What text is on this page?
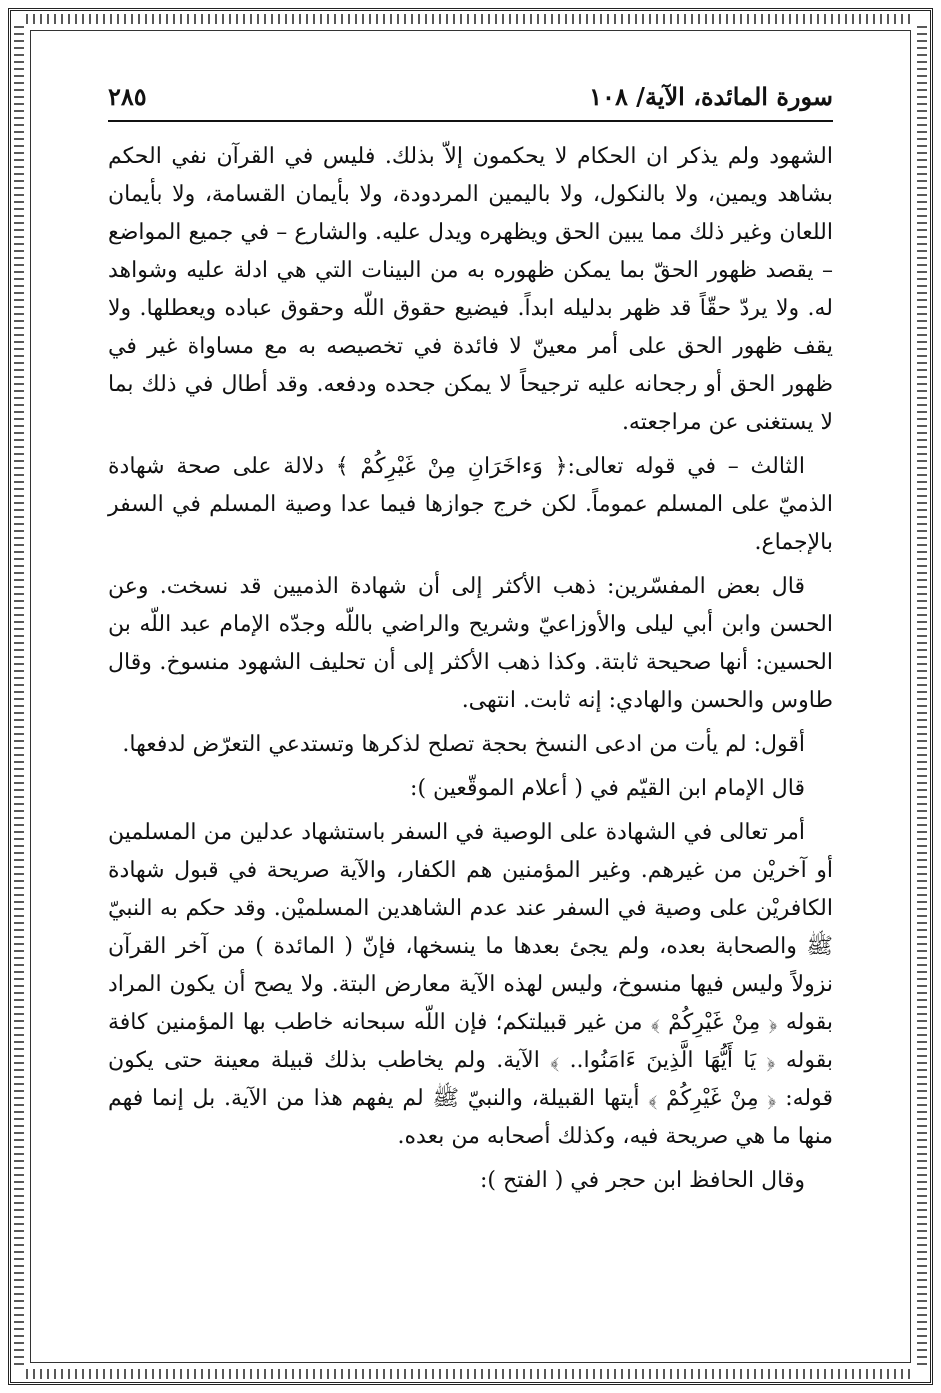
سورة المائدة، الآية/ ١٠٨
٢٨٥

الشهود ولم يذكر ان الحكام لا يحكمون إلاّ بذلك. فليس في القرآن نفي الحكم بشاهد ويمين، ولا بالنكول، ولا باليمين المردودة، ولا بأيمان القسامة، ولا بأيمان اللعان وغير ذلك مما يبين الحق ويظهره ويدل عليه. والشارع – في جميع المواضع – يقصد ظهور الحقّ بما يمكن ظهوره به من البينات التي هي ادلة عليه وشواهد له. ولا يردّ حقّاً قد ظهر بدليله ابداً. فيضيع حقوق اللّه وحقوق عباده ويعطلها. ولا يقف ظهور الحق على أمر معينّ لا فائدة في تخصيصه به مع مساواة غير في ظهور الحق أو رجحانه عليه ترجيحاً لا يمكن جحده ودفعه. وقد أطال في ذلك بما لا يستغنى عن مراجعته.

الثالث – في قوله تعالى:﴿ وَءاخَرَانِ مِنْ غَيْرِكُمْ ﴾ دلالة على صحة شهادة الذميّ على المسلم عموماً. لكن خرج جوازها فيما عدا وصية المسلم في السفر بالإجماع.

قال بعض المفسّرين: ذهب الأكثر إلى أن شهادة الذميين قد نسخت. وعن الحسن وابن أبي ليلى والأوزاعيّ وشريح والراضي باللّه وجدّه الإمام عبد اللّه بن الحسين: أنها صحيحة ثابتة. وكذا ذهب الأكثر إلى أن تحليف الشهود منسوخ. وقال طاوس والحسن والهادي: إنه ثابت. انتهى.

أقول: لم يأت من ادعى النسخ بحجة تصلح لذكرها وتستدعي التعرّض لدفعها.

قال الإمام ابن القيّم في ( أعلام الموقّعين ):

أمر تعالى في الشهادة على الوصية في السفر باستشهاد عدلين من المسلمين أو آخريْن من غيرهم. وغير المؤمنين هم الكفار، والآية صريحة في قبول شهادة الكافريْن على وصية في السفر عند عدم الشاهدين المسلميْن. وقد حكم به النبيّ ﷺ والصحابة بعده، ولم يجئ بعدها ما ينسخها، فإنّ ( المائدة ) من آخر القرآن نزولاً وليس فيها منسوخ، وليس لهذه الآية معارض البتة. ولا يصح أن يكون المراد بقوله ﴿ مِنْ غَيْرِكُمْ ﴾ من غير قبيلتكم؛ فإن اللّه سبحانه خاطب بها المؤمنين كافة بقوله ﴿ يَا أَيُّهَا الَّذِينَ ءَامَنُوا.. ﴾ الآية. ولم يخاطب بذلك قبيلة معينة حتى يكون قوله: ﴿ مِنْ غَيْرِكُمْ ﴾ أيتها القبيلة، والنبيّ ﷺ لم يفهم هذا من الآية. بل إنما فهم منها ما هي صريحة فيه، وكذلك أصحابه من بعده.

وقال الحافظ ابن حجر في ( الفتح ):
